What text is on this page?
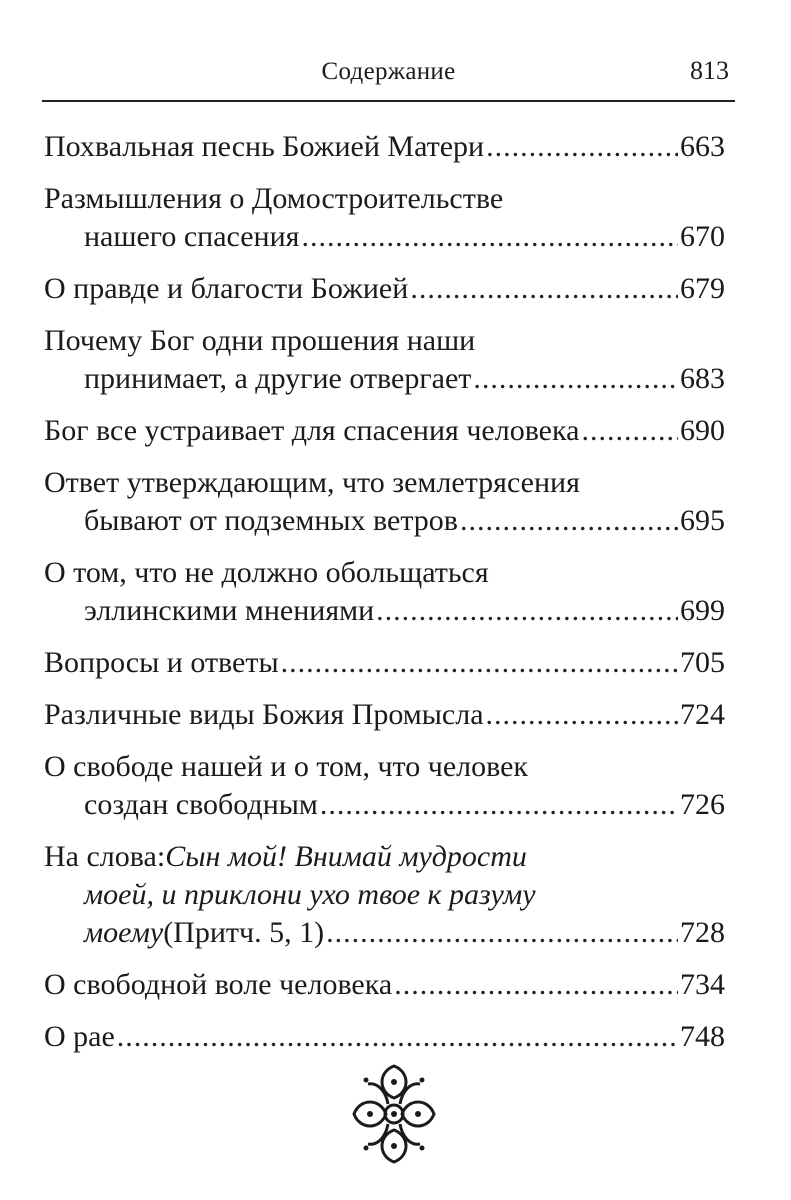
Содержание	813
Похвальная песнь Божией Матери .....	663
Размышления о Домостроительстве
нашего спасения .....	670
О правде и благости Божией .....	679
Почему Бог одни прошения наши
принимает, а другие отвергает .....	683
Бог все устраивает для спасения человека .....	690
Ответ утверждающим, что землетрясения
бывают от подземных ветров .....	695
О том, что не должно обольщаться
эллинскими мнениями .....	699
Вопросы и ответы .....	705
Различные виды Божия Промысла .....	724
О свободе нашей и о том, что человек
создан свободным .....	726
На слова: Сын мой! Внимай мудрости
моей, и приклони ухо твое к разуму
моему (Притч. 5, 1) .....	728
О свободной воле человека .....	734
О рае .....	748
